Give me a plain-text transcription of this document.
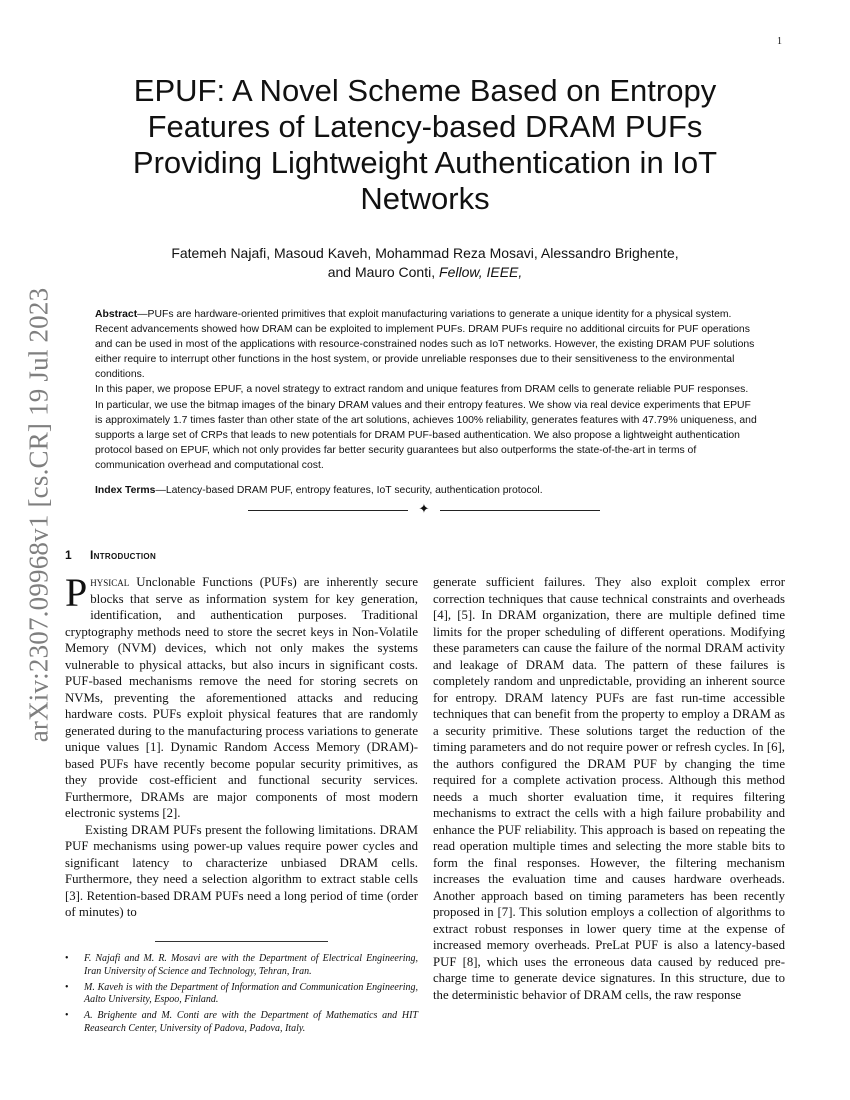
1
arXiv:2307.09968v1 [cs.CR] 19 Jul 2023
EPUF: A Novel Scheme Based on Entropy Features of Latency-based DRAM PUFs Providing Lightweight Authentication in IoT Networks
Fatemeh Najafi, Masoud Kaveh, Mohammad Reza Mosavi, Alessandro Brighente,
and Mauro Conti, Fellow, IEEE,

Abstract—PUFs are hardware-oriented primitives that exploit manufacturing variations to generate a unique identity for a physical system. Recent advancements showed how DRAM can be exploited to implement PUFs. DRAM PUFs require no additional circuits for PUF operations and can be used in most of the applications with resource-constrained nodes such as IoT networks. However, the existing DRAM PUF solutions either require to interrupt other functions in the host system, or provide unreliable responses due to their sensitiveness to the environmental conditions.

In this paper, we propose EPUF, a novel strategy to extract random and unique features from DRAM cells to generate reliable PUF responses. In particular, we use the bitmap images of the binary DRAM values and their entropy features. We show via real device experiments that EPUF is approximately 1.7 times faster than other state of the art solutions, achieves 100% reliability, generates features with 47.79% uniqueness, and supports a large set of CRPs that leads to new potentials for DRAM PUF-based authentication. We also propose a lightweight authentication protocol based on EPUF, which not only provides far better security guarantees but also outperforms the state-of-the-art in terms of communication overhead and computational cost.

Index Terms—Latency-based DRAM PUF, entropy features, IoT security, authentication protocol.
✦
1 Introduction

Physical Unclonable Functions (PUFs) are inherently secure blocks that serve as information system for key generation, identification, and authentication purposes. Traditional cryptography methods need to store the secret keys in Non-Volatile Memory (NVM) devices, which not only makes the systems vulnerable to physical attacks, but also incurs in significant costs. PUF-based mechanisms remove the need for storing secrets on NVMs, preventing the aforementioned attacks and reducing hardware costs. PUFs exploit physical features that are randomly generated during to the manufacturing process variations to generate unique values [1]. Dynamic Random Access Memory (DRAM)-based PUFs have recently become popular security primitives, as they provide cost-efficient and functional security services. Furthermore, DRAMs are major components of most modern electronic systems [2].

Existing DRAM PUFs present the following limitations. DRAM PUF mechanisms using power-up values require power cycles and significant latency to characterize unbiased DRAM cells. Furthermore, they need a selection algorithm to extract stable cells [3]. Retention-based DRAM PUFs need a long period of time (order of minutes) to

generate sufficient failures. They also exploit complex error correction techniques that cause technical constraints and overheads [4], [5]. In DRAM organization, there are multiple defined time limits for the proper scheduling of different operations. Modifying these parameters can cause the failure of the normal DRAM activity and leakage of DRAM data. The pattern of these failures is completely random and unpredictable, providing an inherent source for entropy. DRAM latency PUFs are fast run-time accessible techniques that can benefit from the property to employ a DRAM as a security primitive. These solutions target the reduction of the timing parameters and do not require power or refresh cycles. In [6], the authors configured the DRAM PUF by changing the time required for a complete activation process. Although this method needs a much shorter evaluation time, it requires filtering mechanisms to extract the cells with a high failure probability and enhance the PUF reliability. This approach is based on repeating the read operation multiple times and selecting the more stable bits to form the final responses. However, the filtering mechanism increases the evaluation time and causes hardware overheads. Another approach based on timing parameters has been recently proposed in [7]. This solution employs a collection of algorithms to extract robust responses in lower query time at the expense of increased memory overheads. PreLat PUF is also a latency-based PUF [8], which uses the erroneous data caused by reduced pre-charge time to generate device signatures. In this structure, due to the deterministic behavior of DRAM cells, the raw response

• F. Najafi and M. R. Mosavi are with the Department of Electrical Engineering, Iran University of Science and Technology, Tehran, Iran.
• M. Kaveh is with the Department of Information and Communication Engineering, Aalto University, Espoo, Finland.
• A. Brighente and M. Conti are with the Department of Mathematics and HIT Reasearch Center, University of Padova, Padova, Italy.
